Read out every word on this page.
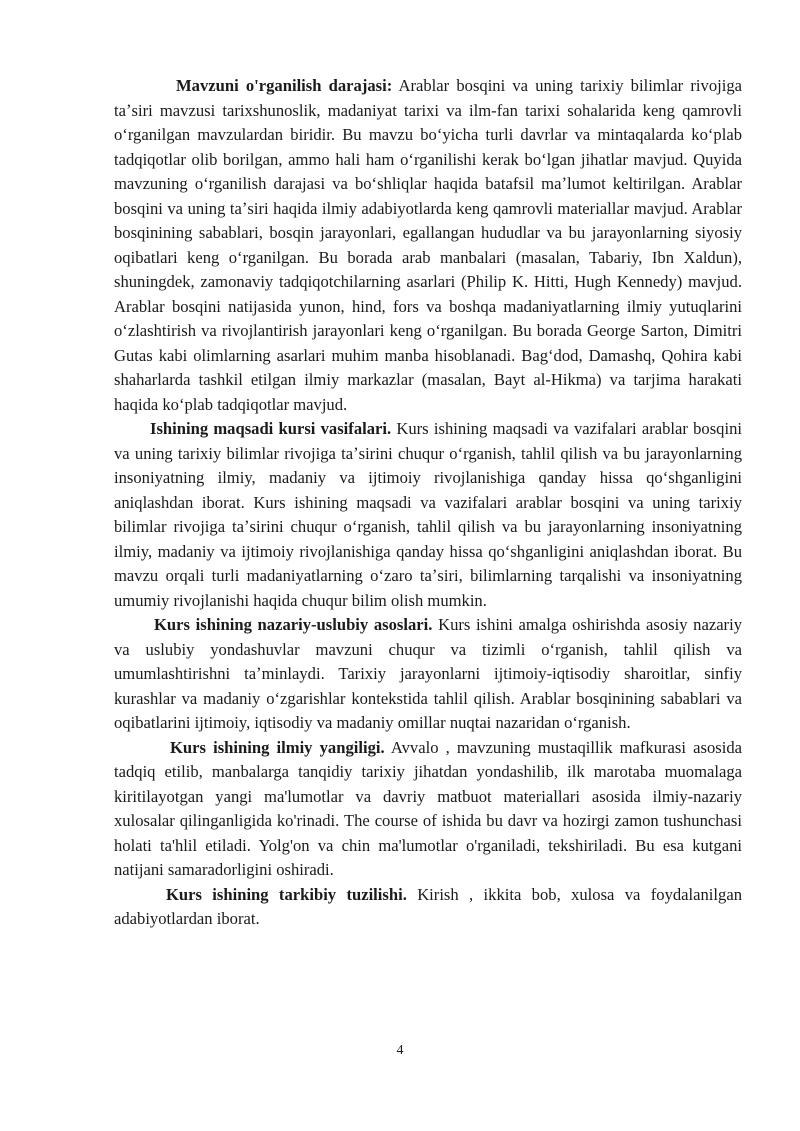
Mavzuni o'rganilish darajasi: Arablar bosqini va uning tarixiy bilimlar rivojiga taʼsiri mavzusi tarixshunoslik, madaniyat tarixi va ilm-fan tarixi sohalarida keng qamrovli oʻrganilgan mavzulardan biridir. Bu mavzu boʻyicha turli davrlar va mintaqalarda koʻplab tadqiqotlar olib borilgan, ammo hali ham oʻrganilishi kerak boʻlgan jihatlar mavjud. Quyida mavzuning oʻrganilish darajasi va boʻshliqlar haqida batafsil maʼlumot keltirilgan. Arablar bosqini va uning taʼsiri haqida ilmiy adabiyotlarda keng qamrovli materiallar mavjud. Arablar bosqinining sabablari, bosqin jarayonlari, egallangan hududlar va bu jarayonlarning siyosiy oqibatlari keng oʻrganilgan. Bu borada arab manbalari (masalan, Tabariy, Ibn Xaldun), shuningdek, zamonaviy tadqiqotchilarning asarlari (Philip K. Hitti, Hugh Kennedy) mavjud. Arablar bosqini natijasida yunon, hind, fors va boshqa madaniyatlarning ilmiy yutuqlarini oʻzlashtirish va rivojlantirish jarayonlari keng oʻrganilgan. Bu borada George Sarton, Dimitri Gutas kabi olimlarning asarlari muhim manba hisoblanadi. Bagʻdod, Damashq, Qohira kabi shaharlarda tashkil etilgan ilmiy markazlar (masalan, Bayt al-Hikma) va tarjima harakati haqida koʻplab tadqiqotlar mavjud.

Ishining maqsadi kursi vasifalari. Kurs ishining maqsadi va vazifalari arablar bosqini va uning tarixiy bilimlar rivojiga taʼsirini chuqur oʻrganish, tahlil qilish va bu jarayonlarning insoniyatning ilmiy, madaniy va ijtimoiy rivojlanishiga qanday hissa qoʻshganligini aniqlashdan iborat. Kurs ishining maqsadi va vazifalari arablar bosqini va uning tarixiy bilimlar rivojiga taʼsirini chuqur oʻrganish, tahlil qilish va bu jarayonlarning insoniyatning ilmiy, madaniy va ijtimoiy rivojlanishiga qanday hissa qoʻshganligini aniqlashdan iborat. Bu mavzu orqali turli madaniyatlarning oʻzaro taʼsiri, bilimlarning tarqalishi va insoniyatning umumiy rivojlanishi haqida chuqur bilim olish mumkin.

Kurs ishining nazariy-uslubiy asoslari. Kurs ishini amalga oshirishda asosiy nazariy va uslubiy yondashuvlar mavzuni chuqur va tizimli oʻrganish, tahlil qilish va umumlashtirishni taʼminlaydi. Tarixiy jarayonlarni ijtimoiy-iqtisodiy sharoitlar, sinfiy kurashlar va madaniy oʻzgarishlar kontekstida tahlil qilish. Arablar bosqinining sabablari va oqibatlarini ijtimoiy, iqtisodiy va madaniy omillar nuqtai nazaridan oʻrganish.

Kurs ishining ilmiy yangiligi. Avvalo , mavzuning mustaqillik mafkurasi asosida tadqiq etilib, manbalarga tanqidiy tarixiy jihatdan yondashilib, ilk marotaba muomalaga kiritilayotgan yangi ma'lumotlar va davriy matbuot materiallari asosida ilmiy-nazariy xulosalar qilinganligida ko'rinadi. The course of ishida bu davr va hozirgi zamon tushunchasi holati ta'hlil etiladi. Yolg'on va chin ma'lumotlar o'rganiladi, tekshiriladi. Bu esa kutgani natijani samaradorligini oshiradi.

Kurs ishining tarkibiy tuzilishi. Kirish , ikkita bob, xulosa va foydalanilgan adabiyotlardan iborat.

4
